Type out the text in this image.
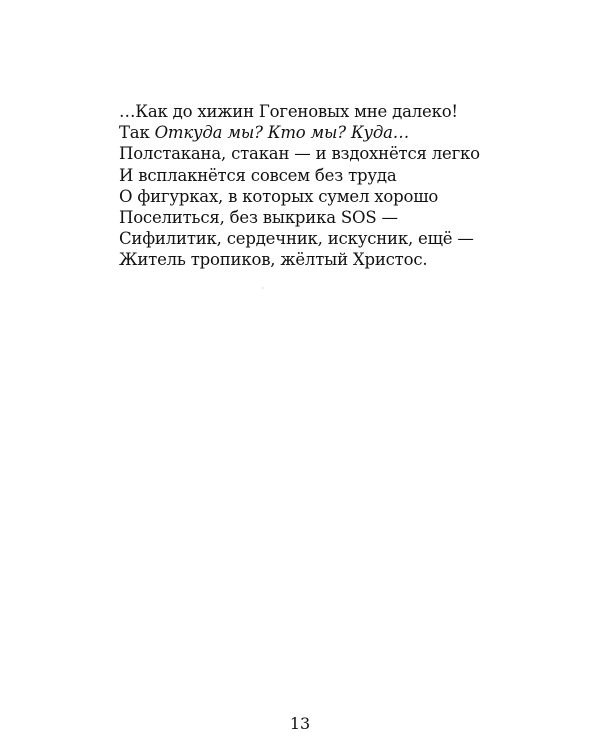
…Как до хижин Гогеновых мне далеко!
Так Откуда мы? Кто мы? Куда…
Полстакана, стакан — и вздохнётся легко
И всплакнётся совсем без труда
О фигурках, в которых сумел хорошо
Поселиться, без выкрика SOS —
Сифилитик, сердечник, искусник, ещё —
Житель тропиков, жёлтый Христос.
13
